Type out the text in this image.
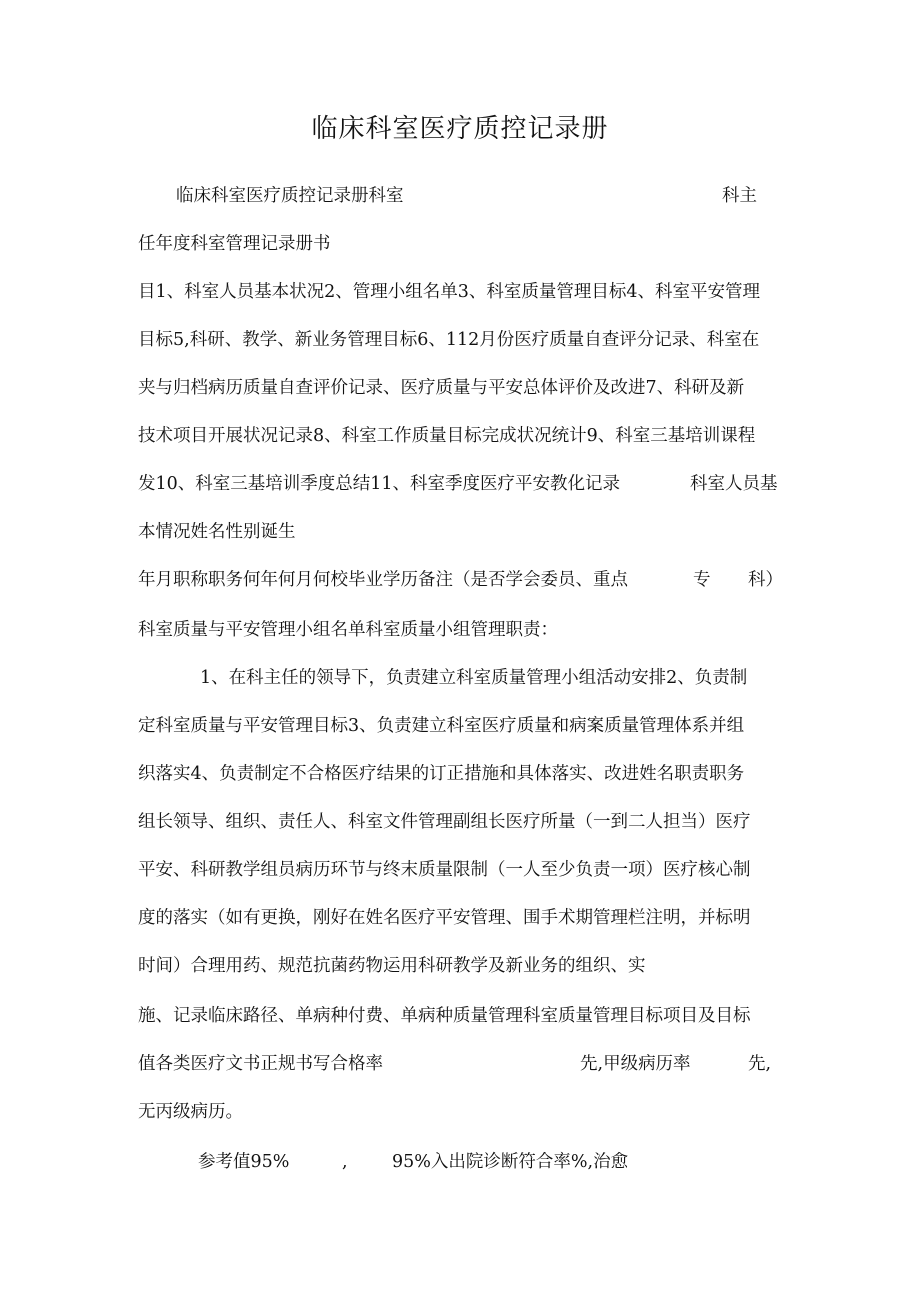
临床科室医疗质控记录册
临床科室医疗质控记录册科室	科主
任年度科室管理记录册书
目1、科室人员基本状况2、管理小组名单3、科室质量管理目标4、科室平安管理
目标5,科研、教学、新业务管理目标6、112月份医疗质量自查评分记录、科室在
夹与归档病历质量自查评价记录、医疗质量与平安总体评价及改进7、科研及新
技术项目开展状况记录8、科室工作质量目标完成状况统计9、科室三基培训课程
发10、科室三基培训季度总结11、科室季度医疗平安教化记录	科室人员基
本情况姓名性别诞生
年月职称职务何年何月何校毕业学历备注（是否学会委员、重点	专 科）
科室质量与平安管理小组名单科室质量小组管理职责：
1、在科主任的领导下，负责建立科室质量管理小组活动安排2、负责制
定科室质量与平安管理目标3、负责建立科室医疗质量和病案质量管理体系并组
织落实4、负责制定不合格医疗结果的订正措施和具体落实、改进姓名职责职务
组长领导、组织、责任人、科室文件管理副组长医疗所量（一到二人担当）医疗
平安、科研教学组员病历环节与终末质量限制（一人至少负责一项）医疗核心制
度的落实（如有更换，刚好在姓名医疗平安管理、围手术期管理栏注明，并标明
时间）合理用药、规范抗菌药物运用科研教学及新业务的组织、实
施、记录临床路径、单病种付费、单病种质量管理科室质量管理目标项目及目标
值各类医疗文书正规书写合格率	先,甲级病历率	先,
无丙级病历。
参考值95%	,	95%入出院诊断符合率%,治愈
